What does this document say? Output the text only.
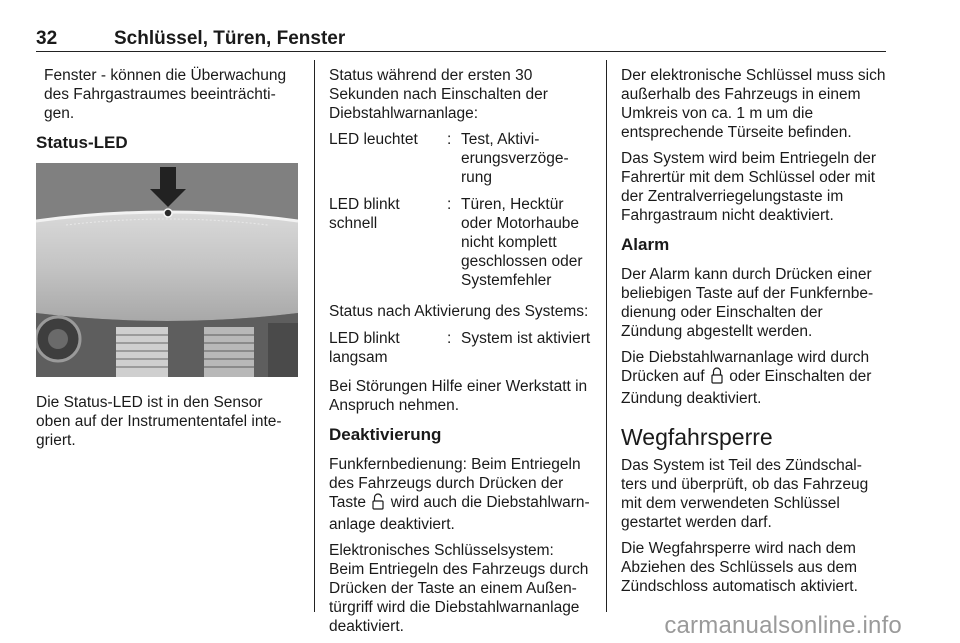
32	Schlüssel, Türen, Fenster

Fenster - können die Überwachung des Fahrgastraumes beeinträchti-gen.

Status-LED

Die Status-LED ist in den Sensor oben auf der Instrumententafel inte-griert.

Status während der ersten 30 Sekunden nach Einschalten der Diebstahlwarnanlage:

LED leuchtet	: Test, Aktivi-erungsverzöge-rung
LED blinkt schnell
: Türen, Hecktür oder Motorhaube nicht komplett geschlossen oder Systemfehler

Status nach Aktivierung des Systems:

LED blinkt langsam
: System ist aktiviert

Bei Störungen Hilfe einer Werkstatt in Anspruch nehmen.

Deaktivierung

Funkfernbedienung: Beim Entriegeln des Fahrzeugs durch Drücken der Taste wird auch die Diebstahlwarn-anlage deaktiviert.

Elektronisches Schlüsselsystem: Beim Entriegeln des Fahrzeugs durch Drücken der Taste an einem Außen-türgriff wird die Diebstahlwarnanlage deaktiviert.

Der elektronische Schlüssel muss sich außerhalb des Fahrzeugs in einem Umkreis von ca. 1 m um die entsprechende Türseite befinden.

Das System wird beim Entriegeln der Fahrertür mit dem Schlüssel oder mit der Zentralverriegelungstaste im Fahrgastraum nicht deaktiviert.

Alarm

Der Alarm kann durch Drücken einer beliebigen Taste auf der Funkfernbe-dienung oder Einschalten der Zündung abgestellt werden.

Die Diebstahlwarnanlage wird durch Drücken auf oder Einschalten der Zündung deaktiviert.

Wegfahrsperre

Das System ist Teil des Zündschal-ters und überprüft, ob das Fahrzeug mit dem verwendeten Schlüssel gestartet werden darf.

Die Wegfahrsperre wird nach dem Abziehen des Schlüssels aus dem Zündschloss automatisch aktiviert.

carmanualsonline.info
